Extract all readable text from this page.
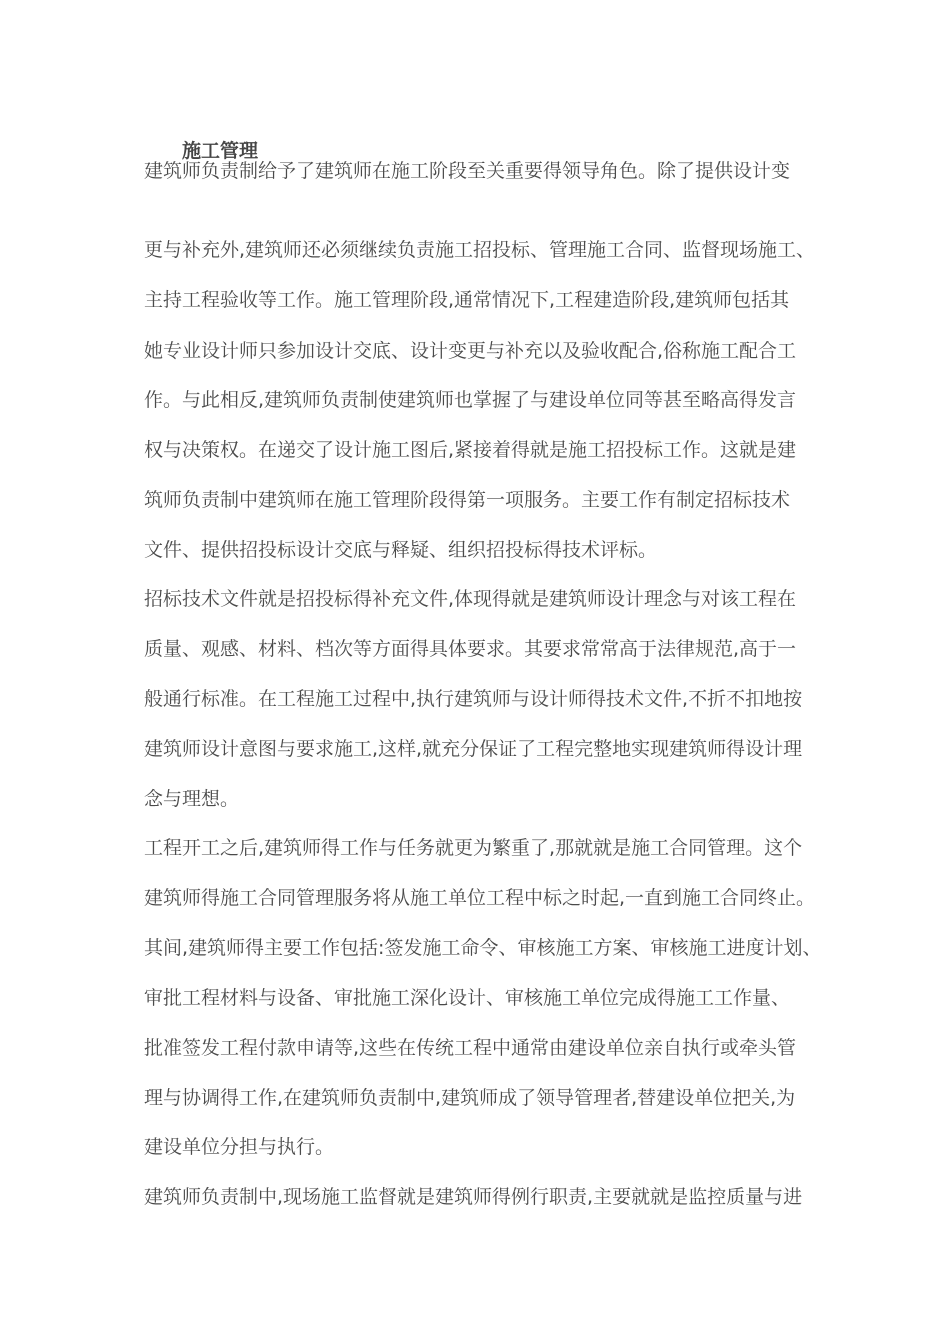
施工管理
建筑师负责制给予了建筑师在施工阶段至关重要得领导角色。除了提供设计变
更与补充外,建筑师还必须继续负责施工招投标、管理施工合同、监督现场施工、
主持工程验收等工作。施工管理阶段,通常情况下,工程建造阶段,建筑师包括其
她专业设计师只参加设计交底、设计变更与补充以及验收配合,俗称施工配合工
作。与此相反,建筑师负责制使建筑师也掌握了与建设单位同等甚至略高得发言
权与决策权。在递交了设计施工图后,紧接着得就是施工招投标工作。这就是建
筑师负责制中建筑师在施工管理阶段得第一项服务。主要工作有制定招标技术
文件、提供招投标设计交底与释疑、组织招投标得技术评标。
招标技术文件就是招投标得补充文件,体现得就是建筑师设计理念与对该工程在
质量、观感、材料、档次等方面得具体要求。其要求常常高于法律规范,高于一
般通行标准。在工程施工过程中,执行建筑师与设计师得技术文件,不折不扣地按
建筑师设计意图与要求施工,这样,就充分保证了工程完整地实现建筑师得设计理
念与理想。
工程开工之后,建筑师得工作与任务就更为繁重了,那就就是施工合同管理。这个
建筑师得施工合同管理服务将从施工单位工程中标之时起,一直到施工合同终止。
其间,建筑师得主要工作包括:签发施工命令、审核施工方案、审核施工进度计划、
审批工程材料与设备、审批施工深化设计、审核施工单位完成得施工工作量、
批准签发工程付款申请等,这些在传统工程中通常由建设单位亲自执行或牵头管
理与协调得工作,在建筑师负责制中,建筑师成了领导管理者,替建设单位把关,为
建设单位分担与执行。
建筑师负责制中,现场施工监督就是建筑师得例行职责,主要就就是监控质量与进
